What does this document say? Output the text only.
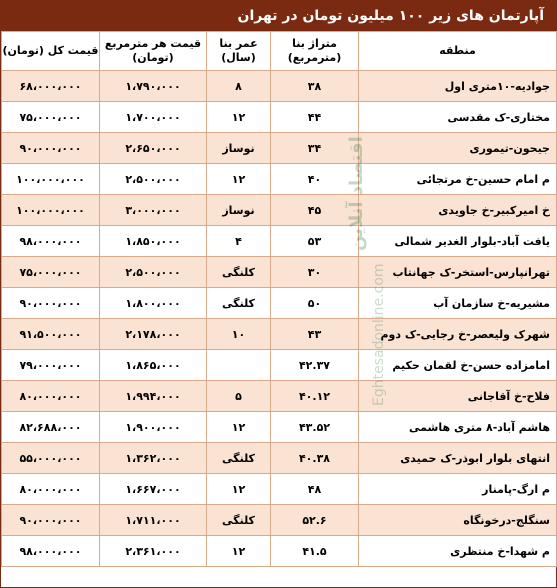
آپارتمان های زیر ۱۰۰ میلیون تومان در تهران
منطقه	متراژ بنا (مترمربع)	عمر بنا (سال)	قیمت هر مترمربع (تومان)	قیمت کل (تومان)
جوادیه-۱۰متری اول	۳۸	۸	۱،۷۹۰،۰۰۰	۶۸،۰۰۰،۰۰۰
مختاری-ک مقدسی	۴۴	۱۲	۱،۷۰۰،۰۰۰	۷۵،۰۰۰،۰۰۰
جیحون-تیموری	۳۴	نوساز	۲،۶۵۰،۰۰۰	۹۰،۰۰۰،۰۰۰
م امام حسین-خ مرتجائی	۴۰	۱۲	۲،۵۰۰،۰۰۰	۱۰۰،۰۰۰،۰۰۰
خ امیرکبیر-خ جاویدی	۴۵	نوساز	۳،۰۰۰،۰۰۰	۱۰۰،۰۰۰،۰۰۰
یافت آباد-بلوار الغدیر شمالی	۵۳	۴	۱،۸۵۰،۰۰۰	۹۸،۰۰۰،۰۰۰
تهرانپارس-استخر-ک جهانتاب	۳۰	کلنگی	۲،۵۰۰،۰۰۰	۷۵،۰۰۰،۰۰۰
مشیریه-خ سازمان آب	۵۰	کلنگی	۱،۸۰۰،۰۰۰	۹۰،۰۰۰،۰۰۰
شهرک ولیعصر-خ رجایی-ک دوم	۴۳	۱۰	۲،۱۷۸،۰۰۰	۹۱،۵۰۰،۰۰۰
امامزاده حسن-خ لقمان حکیم	۴۲.۳۷		۱،۸۶۵،۰۰۰	۷۹،۰۰۰،۰۰۰
فلاح-خ آقاجانی	۴۰.۱۲	۵	۱،۹۹۴،۰۰۰	۸۰،۰۰۰،۰۰۰
هاشم آباد-۸ متری هاشمی	۴۳.۵۲	۱۲	۱،۹۰۰،۰۰۰	۸۲،۶۸۸،۰۰۰
انتهای بلوار ابوذر-ک حمیدی	۴۰.۳۸	کلنگی	۱،۳۶۲،۰۰۰	۵۵،۰۰۰،۰۰۰
م ارگ-پامنار	۴۸	۱۲	۱،۶۶۷،۰۰۰	۸۰،۰۰۰،۰۰۰
سنگلج-درخونگاه	۵۲.۶	کلنگی	۱،۷۱۱،۰۰۰	۹۰،۰۰۰،۰۰۰
م شهدا-خ منتظری	۴۱.۵	۱۲	۲،۳۶۱،۰۰۰	۹۸،۰۰۰،۰۰۰
اقتصاد آنلاین
Eghtesadonline.com
